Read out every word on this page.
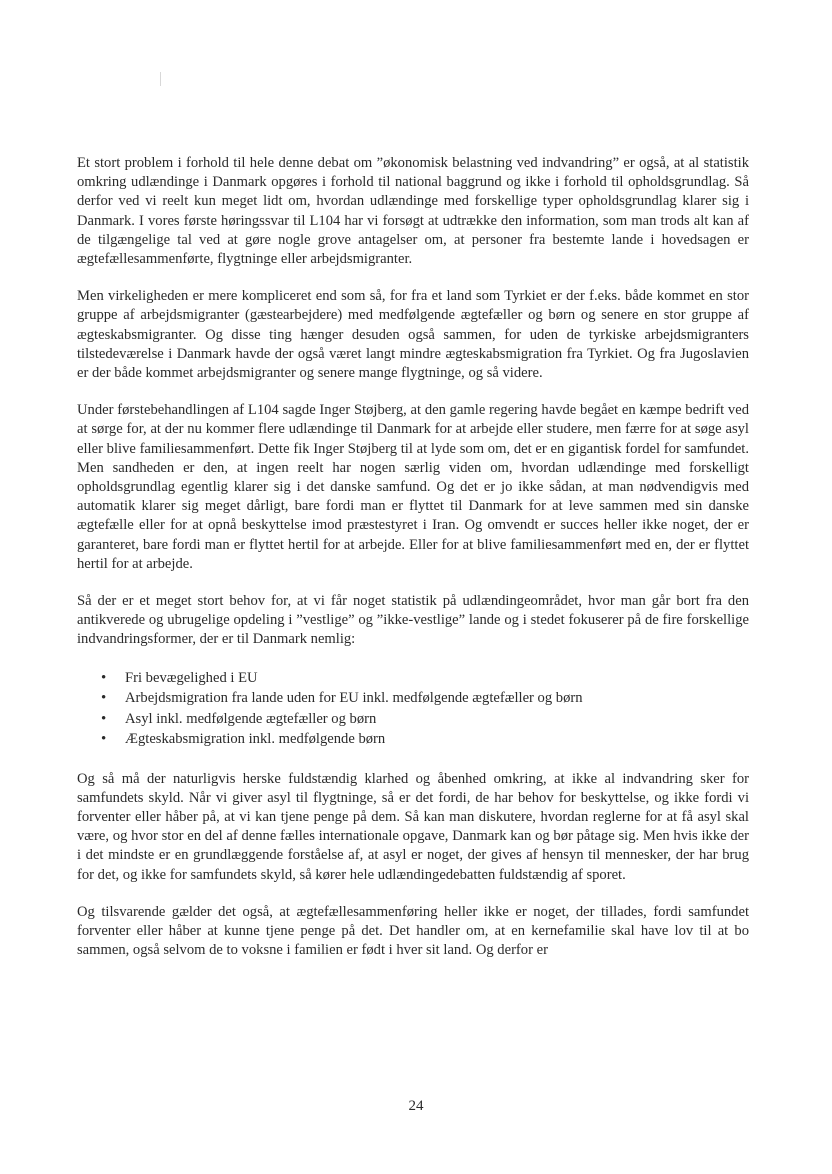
Et stort problem i forhold til hele denne debat om ”økonomisk belastning ved indvandring” er også, at al statistik omkring udlændinge i Danmark opgøres i forhold til national baggrund og ikke i forhold til opholdsgrundlag. Så derfor ved vi reelt kun meget lidt om, hvordan udlændinge med forskellige typer opholdsgrundlag klarer sig i Danmark. I vores første høringssvar til L104 har vi forsøgt at udtrække den information, som man trods alt kan af de tilgængelige tal ved at gøre nogle grove antagelser om, at personer fra bestemte lande i hovedsagen er ægtefællesammenførte, flygtninge eller arbejdsmigranter.

Men virkeligheden er mere kompliceret end som så, for fra et land som Tyrkiet er der f.eks. både kommet en stor gruppe af arbejdsmigranter (gæstearbejdere) med medfølgende ægtefæller og børn og senere en stor gruppe af ægteskabsmigranter. Og disse ting hænger desuden også sammen, for uden de tyrkiske arbejdsmigranters tilstedeværelse i Danmark havde der også været langt mindre ægteskabsmigration fra Tyrkiet. Og fra Jugoslavien er der både kommet arbejdsmigranter og senere mange flygtninge, og så videre.

Under førstebehandlingen af L104 sagde Inger Støjberg, at den gamle regering havde begået en kæmpe bedrift ved at sørge for, at der nu kommer flere udlændinge til Danmark for at arbejde eller studere, men færre for at søge asyl eller blive familiesammenført. Dette fik Inger Støjberg til at lyde som om, det er en gigantisk fordel for samfundet. Men sandheden er den, at ingen reelt har nogen særlig viden om, hvordan udlændinge med forskelligt opholdsgrundlag egentlig klarer sig i det danske samfund. Og det er jo ikke sådan, at man nødvendigvis med automatik klarer sig meget dårligt, bare fordi man er flyttet til Danmark for at leve sammen med sin danske ægtefælle eller for at opnå beskyttelse imod præstestyret i Iran. Og omvendt er succes heller ikke noget, der er garanteret, bare fordi man er flyttet hertil for at arbejde. Eller for at blive familiesammenført med en, der er flyttet hertil for at arbejde.

Så der er et meget stort behov for, at vi får noget statistik på udlændingeområdet, hvor man går bort fra den antikverede og ubrugelige opdeling i ”vestlige” og ”ikke-vestlige” lande og i stedet fokuserer på de fire forskellige indvandringsformer, der er til Danmark nemlig:

• Fri bevægelighed i EU
• Arbejdsmigration fra lande uden for EU inkl. medfølgende ægtefæller og børn
• Asyl inkl. medfølgende ægtefæller og børn
• Ægteskabsmigration inkl. medfølgende børn

Og så må der naturligvis herske fuldstændig klarhed og åbenhed omkring, at ikke al indvandring sker for samfundets skyld. Når vi giver asyl til flygtninge, så er det fordi, de har behov for beskyttelse, og ikke fordi vi forventer eller håber på, at vi kan tjene penge på dem. Så kan man diskutere, hvordan reglerne for at få asyl skal være, og hvor stor en del af denne fælles internationale opgave, Danmark kan og bør påtage sig. Men hvis ikke der i det mindste er en grundlæggende forståelse af, at asyl er noget, der gives af hensyn til mennesker, der har brug for det, og ikke for samfundets skyld, så kører hele udlændingedebatten fuldstændig af sporet.

Og tilsvarende gælder det også, at ægtefællesammenføring heller ikke er noget, der tillades, fordi samfundet forventer eller håber at kunne tjene penge på det. Det handler om, at en kernefamilie skal have lov til at bo sammen, også selvom de to voksne i familien er født i hver sit land. Og derfor er

24
